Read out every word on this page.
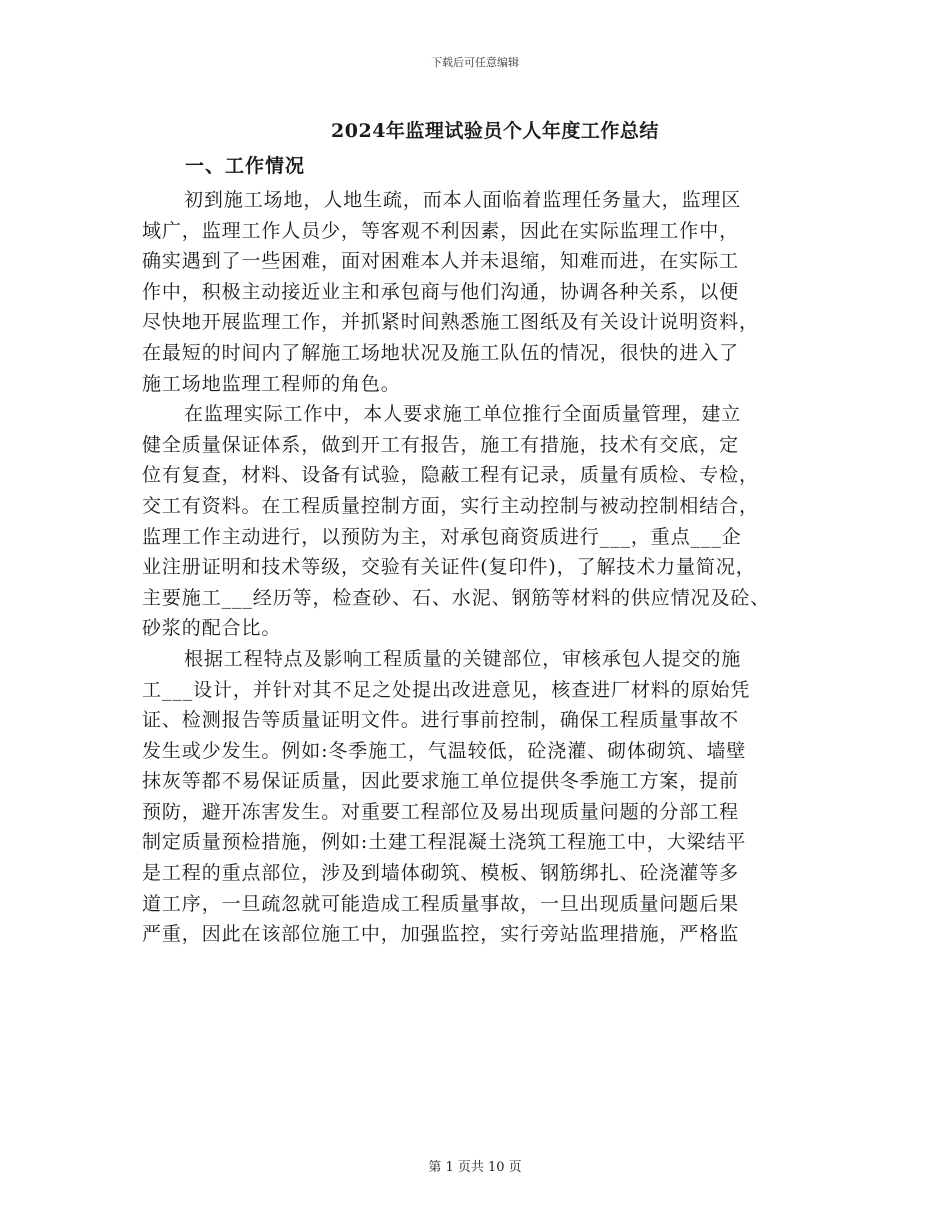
下载后可任意编辑
2024年监理试验员个人年度工作总结
一、工作情况
初到施工场地，人地生疏，而本人面临着监理任务量大，监理区
域广，监理工作人员少，等客观不利因素，因此在实际监理工作中，
确实遇到了一些困难，面对困难本人并未退缩，知难而进，在实际工
作中，积极主动接近业主和承包商与他们沟通，协调各种关系，以便
尽快地开展监理工作，并抓紧时间熟悉施工图纸及有关设计说明资料，
在最短的时间内了解施工场地状况及施工队伍的情况，很快的进入了
施工场地监理工程师的角色。
在监理实际工作中，本人要求施工单位推行全面质量管理，建立
健全质量保证体系，做到开工有报告，施工有措施，技术有交底，定
位有复查，材料、设备有试验，隐蔽工程有记录，质量有质检、专检，
交工有资料。在工程质量控制方面，实行主动控制与被动控制相结合，
监理工作主动进行，以预防为主，对承包商资质进行___，重点___企
业注册证明和技术等级，交验有关证件(复印件)，了解技术力量简况，
主要施工___经历等，检查砂、石、水泥、钢筋等材料的供应情况及砼、
砂浆的配合比。
根据工程特点及影响工程质量的关键部位，审核承包人提交的施
工___设计，并针对其不足之处提出改进意见，核查进厂材料的原始凭
证、检测报告等质量证明文件。进行事前控制，确保工程质量事故不
发生或少发生。例如:冬季施工，气温较低，砼浇灌、砌体砌筑、墙壁
抹灰等都不易保证质量，因此要求施工单位提供冬季施工方案，提前
预防，避开冻害发生。对重要工程部位及易出现质量问题的分部工程
制定质量预检措施，例如:土建工程混凝土浇筑工程施工中，大梁结平
是工程的重点部位，涉及到墙体砌筑、模板、钢筋绑扎、砼浇灌等多
道工序，一旦疏忽就可能造成工程质量事故，一旦出现质量问题后果
严重，因此在该部位施工中，加强监控，实行旁站监理措施，严格监
第 1 页共 10 页
